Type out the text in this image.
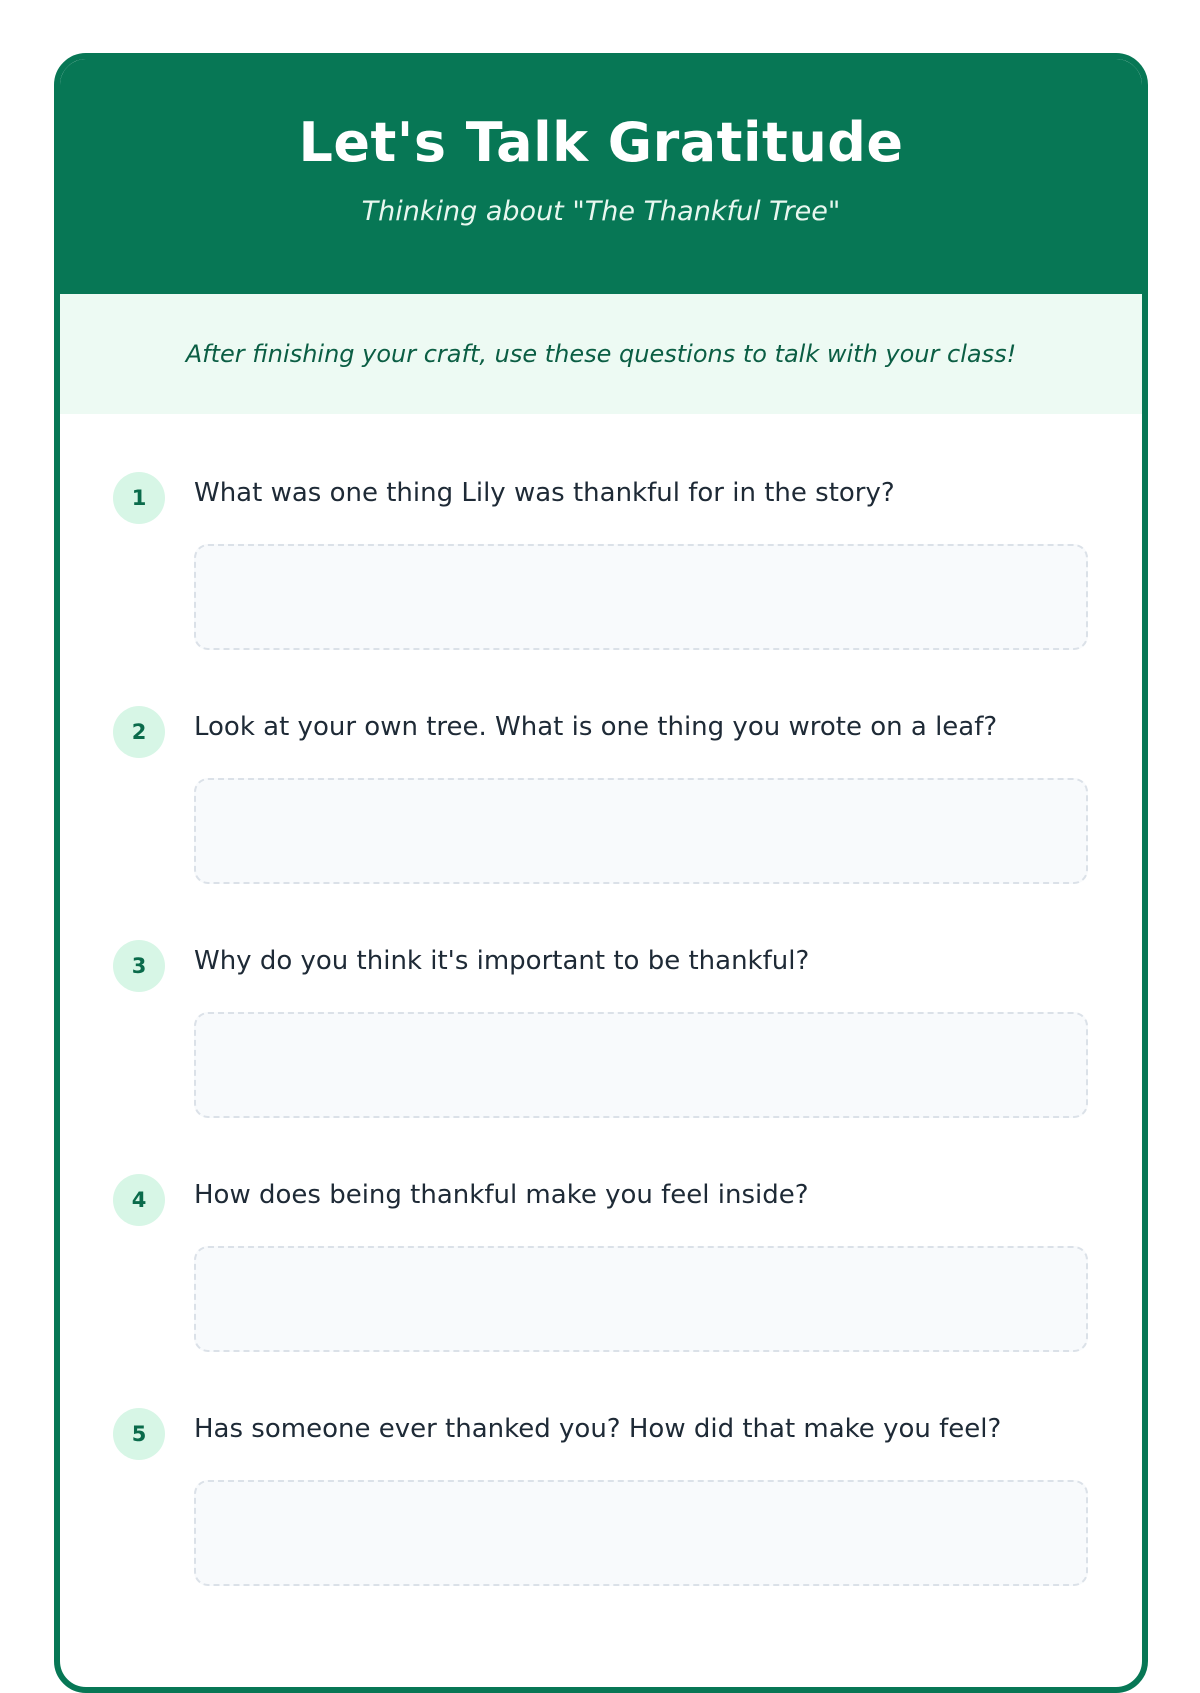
Let's Talk Gratitude
Thinking about "The Thankful Tree"
After finishing your craft, use these questions to talk with your class!
1	What was one thing Lily was thankful for in the story?
2	Look at your own tree. What is one thing you wrote on a leaf?
3	Why do you think it's important to be thankful?
4	How does being thankful make you feel inside?
5	Has someone ever thanked you? How did that make you feel?
